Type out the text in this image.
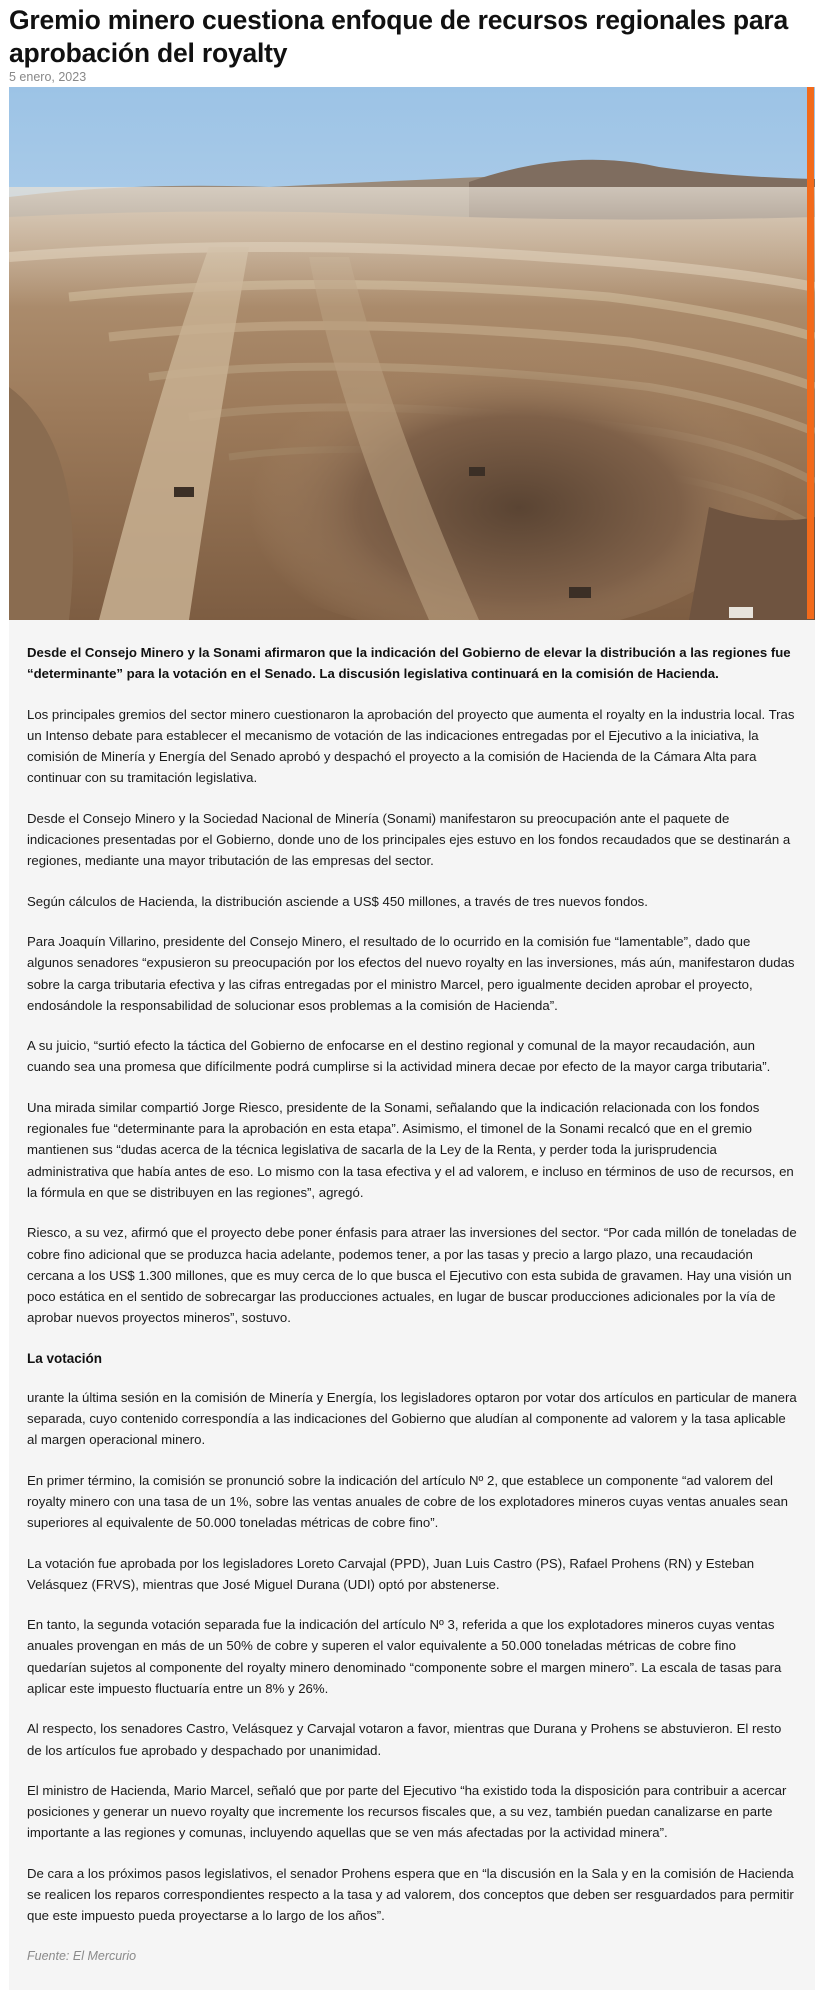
Gremio minero cuestiona enfoque de recursos regionales para aprobación del royalty

5 enero, 2023

Desde el Consejo Minero y la Sonami afirmaron que la indicación del Gobierno de elevar la distribución a las regiones fue “determinante” para la votación en el Senado. La discusión legislativa continuará en la comisión de Hacienda.

Los principales gremios del sector minero cuestionaron la aprobación del proyecto que aumenta el royalty en la industria local. Tras un Intenso debate para establecer el mecanismo de votación de las indicaciones entregadas por el Ejecutivo a la iniciativa, la comisión de Minería y Energía del Senado aprobó y despachó el proyecto a la comisión de Hacienda de la Cámara Alta para continuar con su tramitación legislativa.

Desde el Consejo Minero y la Sociedad Nacional de Minería (Sonami) manifestaron su preocupación ante el paquete de indicaciones presentadas por el Gobierno, donde uno de los principales ejes estuvo en los fondos recaudados que se destinarán a regiones, mediante una mayor tributación de las empresas del sector.

Según cálculos de Hacienda, la distribución asciende a US$ 450 millones, a través de tres nuevos fondos.

Para Joaquín Villarino, presidente del Consejo Minero, el resultado de lo ocurrido en la comisión fue “lamentable”, dado que algunos senadores “expusieron su preocupación por los efectos del nuevo royalty en las inversiones, más aún, manifestaron dudas sobre la carga tributaria efectiva y las cifras entregadas por el ministro Marcel, pero igualmente deciden aprobar el proyecto, endosándole la responsabilidad de solucionar esos problemas a la comisión de Hacienda”.

A su juicio, “surtió efecto la táctica del Gobierno de enfocarse en el destino regional y comunal de la mayor recaudación, aun cuando sea una promesa que difícilmente podrá cumplirse si la actividad minera decae por efecto de la mayor carga tributaria”.

Una mirada similar compartió Jorge Riesco, presidente de la Sonami, señalando que la indicación relacionada con los fondos regionales fue “determinante para la aprobación en esta etapa”. Asimismo, el timonel de la Sonami recalcó que en el gremio mantienen sus “dudas acerca de la técnica legislativa de sacarla de la Ley de la Renta, y perder toda la jurisprudencia administrativa que había antes de eso. Lo mismo con la tasa efectiva y el ad valorem, e incluso en términos de uso de recursos, en la fórmula en que se distribuyen en las regiones”, agregó.

Riesco, a su vez, afirmó que el proyecto debe poner énfasis para atraer las inversiones del sector. “Por cada millón de toneladas de cobre fino adicional que se produzca hacia adelante, podemos tener, a por las tasas y precio a largo plazo, una recaudación cercana a los US$ 1.300 millones, que es muy cerca de lo que busca el Ejecutivo con esta subida de gravamen. Hay una visión un poco estática en el sentido de sobrecargar las producciones actuales, en lugar de buscar producciones adicionales por la vía de aprobar nuevos proyectos mineros”, sostuvo.

La votación

urante la última sesión en la comisión de Minería y Energía, los legisladores optaron por votar dos artículos en particular de manera separada, cuyo contenido correspondía a las indicaciones del Gobierno que aludían al componente ad valorem y la tasa aplicable al margen operacional minero.

En primer término, la comisión se pronunció sobre la indicación del artículo Nº 2, que establece un componente “ad valorem del royalty minero con una tasa de un 1%, sobre las ventas anuales de cobre de los explotadores mineros cuyas ventas anuales sean superiores al equivalente de 50.000 toneladas métricas de cobre fino”.

La votación fue aprobada por los legisladores Loreto Carvajal (PPD), Juan Luis Castro (PS), Rafael Prohens (RN) y Esteban Velásquez (FRVS), mientras que José Miguel Durana (UDI) optó por abstenerse.

En tanto, la segunda votación separada fue la indicación del artículo Nº 3, referida a que los explotadores mineros cuyas ventas anuales provengan en más de un 50% de cobre y superen el valor equivalente a 50.000 toneladas métricas de cobre fino quedarían sujetos al componente del royalty minero denominado “componente sobre el margen minero”. La escala de tasas para aplicar este impuesto fluctuaría entre un 8% y 26%.

Al respecto, los senadores Castro, Velásquez y Carvajal votaron a favor, mientras que Durana y Prohens se abstuvieron. El resto de los artículos fue aprobado y despachado por unanimidad.

El ministro de Hacienda, Mario Marcel, señaló que por parte del Ejecutivo “ha existido toda la disposición para contribuir a acercar posiciones y generar un nuevo royalty que incremente los recursos fiscales que, a su vez, también puedan canalizarse en parte importante a las regiones y comunas, incluyendo aquellas que se ven más afectadas por la actividad minera”.

De cara a los próximos pasos legislativos, el senador Prohens espera que en “la discusión en la Sala y en la comisión de Hacienda se realicen los reparos correspondientes respecto a la tasa y ad valorem, dos conceptos que deben ser resguardados para permitir que este impuesto pueda proyectarse a lo largo de los años”.

Fuente: El Mercurio
